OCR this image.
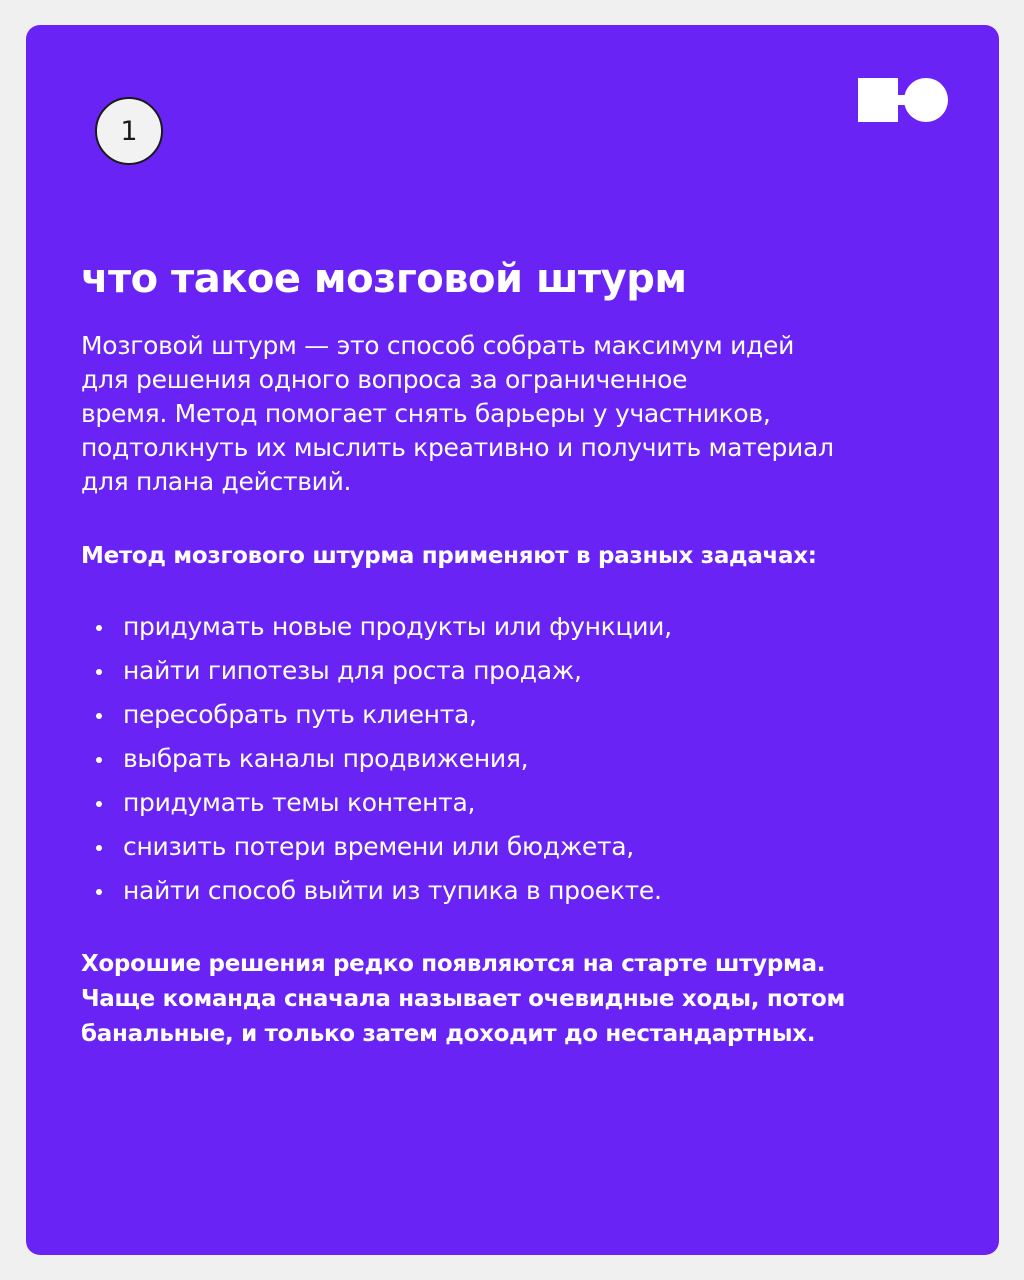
1
что такое мозговой штурм

Мозговой штурм — это способ собрать максимум идей
для решения одного вопроса за ограниченное
время. Метод помогает снять барьеры у участников,
подтолкнуть их мыслить креативно и получить материал
для плана действий.

Метод мозгового штурма применяют в разных задачах:

придумать новые продукты или функции,
найти гипотезы для роста продаж,
пересобрать путь клиента,
выбрать каналы продвижения,
придумать темы контента,
снизить потери времени или бюджета,
найти способ выйти из тупика в проекте.

Хорошие решения редко появляются на старте штурма.
Чаще команда сначала называет очевидные ходы, потом
банальные, и только затем доходит до нестандартных.
